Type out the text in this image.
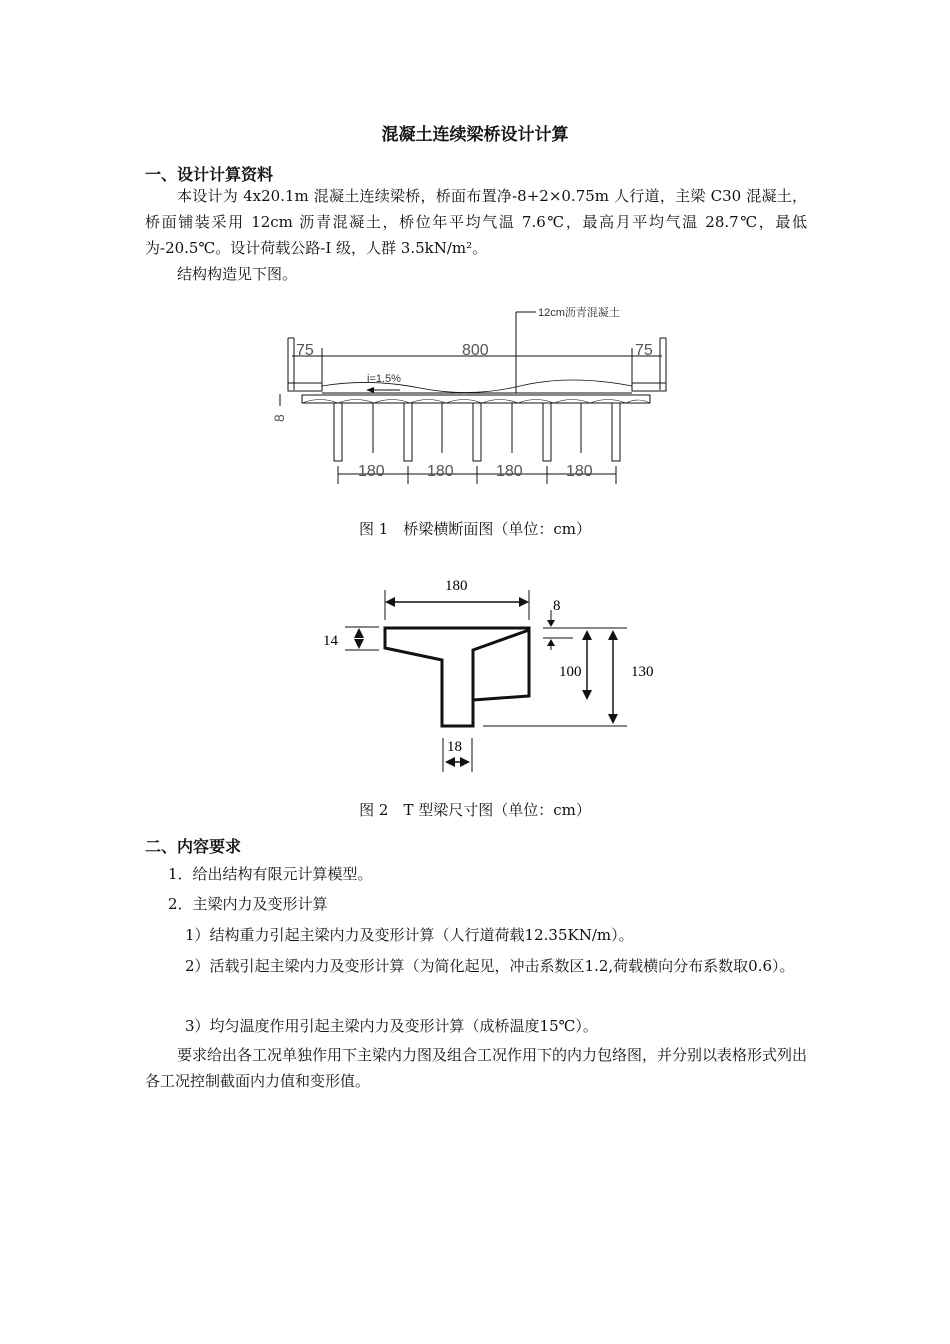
混凝土连续梁桥设计计算
一、设计计算资料

本设计为 4x20.1m 混凝土连续梁桥，桥面布置净-8+2×0.75m 人行道，主梁 C30 混凝土，桥面铺装采用 12cm 沥青混凝土，桥位年平均气温 7.6℃，最高月平均气温 28.7℃，最低为-20.5℃。设计荷载公路-I 级，人群 3.5kN/m²。

结构构造见下图。

12cm沥青混凝土
75	800	75
i=1.5%
8
180	180	180	180
图 1　桥梁横断面图（单位：cm）
180
14
8
100	130
18
图 2　T 型梁尺寸图（单位：cm）
二、内容要求
1．给出结构有限元计算模型。
2．主梁内力及变形计算
1）结构重力引起主梁内力及变形计算（人行道荷载12.35KN/m）。

2）活载引起主梁内力及变形计算（为简化起见，冲击系数区1.2,荷载横向分布系数取0.6）。

3）均匀温度作用引起主梁内力及变形计算（成桥温度15℃）。

要求给出各工况单独作用下主梁内力图及组合工况作用下的内力包络图，并分别以表格形式列出各工况控制截面内力值和变形值。
